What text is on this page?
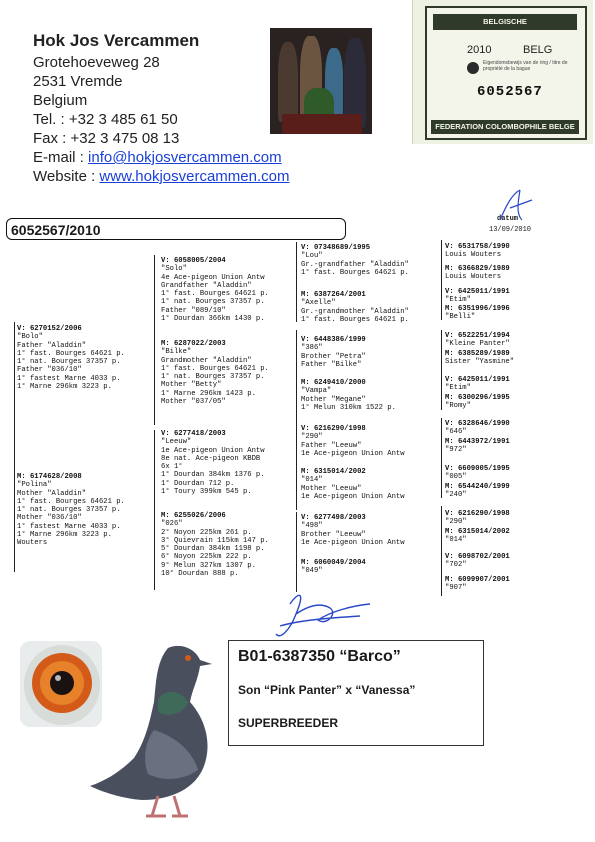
Hok Jos Vercammen
Grotehoeveweg 28
2531 Vremde
Belgium
Tel. : +32 3 485 61 50
Fax : +32 3 475 08 13
E-mail : info@hokjosvercammen.com
Website : www.hokjosvercammen.com
BELGISCHE DUIVENLIEFHEBBERSBOND
2010	BELG
Eigendomsbewijs van de ring / titre de propriété de la bague
6052567
FEDERATION COLOMBOPHILE BELGE
6052567/2010
datum
13/09/2010
V: 6270152/2006
"Bolo"
Father "Aladdin"
1° fast. Bourges 64621 p.
1° nat. Bourges 37357 p.
Father "036/10"
1° fastest Marne 4033 p.
1° Marne 296km 3223 p.
M: 6174628/2008
"Polina"
Mother "Aladdin"
1° fast. Bourges 64621 p.
1° nat. Bourges 37357 p.
Mother "036/10"
1° fastest Marne 4033 p.
1° Marne 296km 3223 p.
Wouters
V: 6058005/2004
"Solo"
4e Ace-pigeon Union Antw
Grandfather "Aladdin"
1° fast. Bourges 64621 p.
1° nat. Bourges 37357 p.
Father "089/10"
1° Dourdan 366km 1430 p.
M: 6287022/2003
"Bilke"
Grandmother "Aladdin"
1° fast. Bourges 64621 p.
1° nat. Bourges 37357 p.
Mother "Betty"
1° Marne 296km 1423 p.
Mother "037/05"
V: 6277418/2003
"Leeuw"
1e Ace-pigeon Union Antw
8e nat. Ace-pigeon KBDB
6x 1°
1° Dourdan 384km 1376 p.
1° Dourdan 712 p.
1° Toury 399km 545 p.
M: 6255026/2006
"026"
2° Noyon 225km 261 p.
3° Quievrain 115km 147 p.
5° Dourdan 384km 1198 p.
6° Noyon 225km 222 p.
9° Melun 327km 1307 p.
10° Dourdan 888 p.
V: 07348689/1995
"Lou"
Gr.-grandfather "Aladdin"
1° fast. Bourges 64621 p.
M: 6387264/2001
"Axelle"
Gr.-grandmother "Aladdin"
1° fast. Bourges 64621 p.
V: 6448386/1999
"386"
Brother "Petra"
Father "Bilke"
M: 6249410/2000
"Vampa"
Mother "Megane"
1° Melun 310km 1522 p.
V: 6216290/1998
"290"
Father "Leeuw"
1e Ace-pigeon Union Antw
M: 6315014/2002
"014"
Mother "Leeuw"
1e Ace-pigeon Union Antw
V: 6277498/2003
"498"
Brother "Leeuw"
1e Ace-pigeon Union Antw
M: 6060049/2004
"049"
V: 6531758/1990
Louis Wouters
M: 6366829/1989
Louis Wouters
V: 6425011/1991
"Etim"
M: 6351996/1996
"Belli"
V: 6522251/1994
"Kleine Panter"
M: 6385289/1989
Sister "Yasmine"
V: 6425011/1991
"Etim"
M: 6300296/1995
"Romy"
V: 6328646/1990
"646"
M: 6443972/1991
"972"
V: 6609005/1995
"005"
M: 6544240/1999
"240"
V: 6216290/1998
"290"
M: 6315014/2002
"014"
V: 6098702/2001
"702"
M: 6099907/2001
"907"
B01-6387350 “Barco”
Son “Pink Panter” x “Vanessa”
SUPERBREEDER
